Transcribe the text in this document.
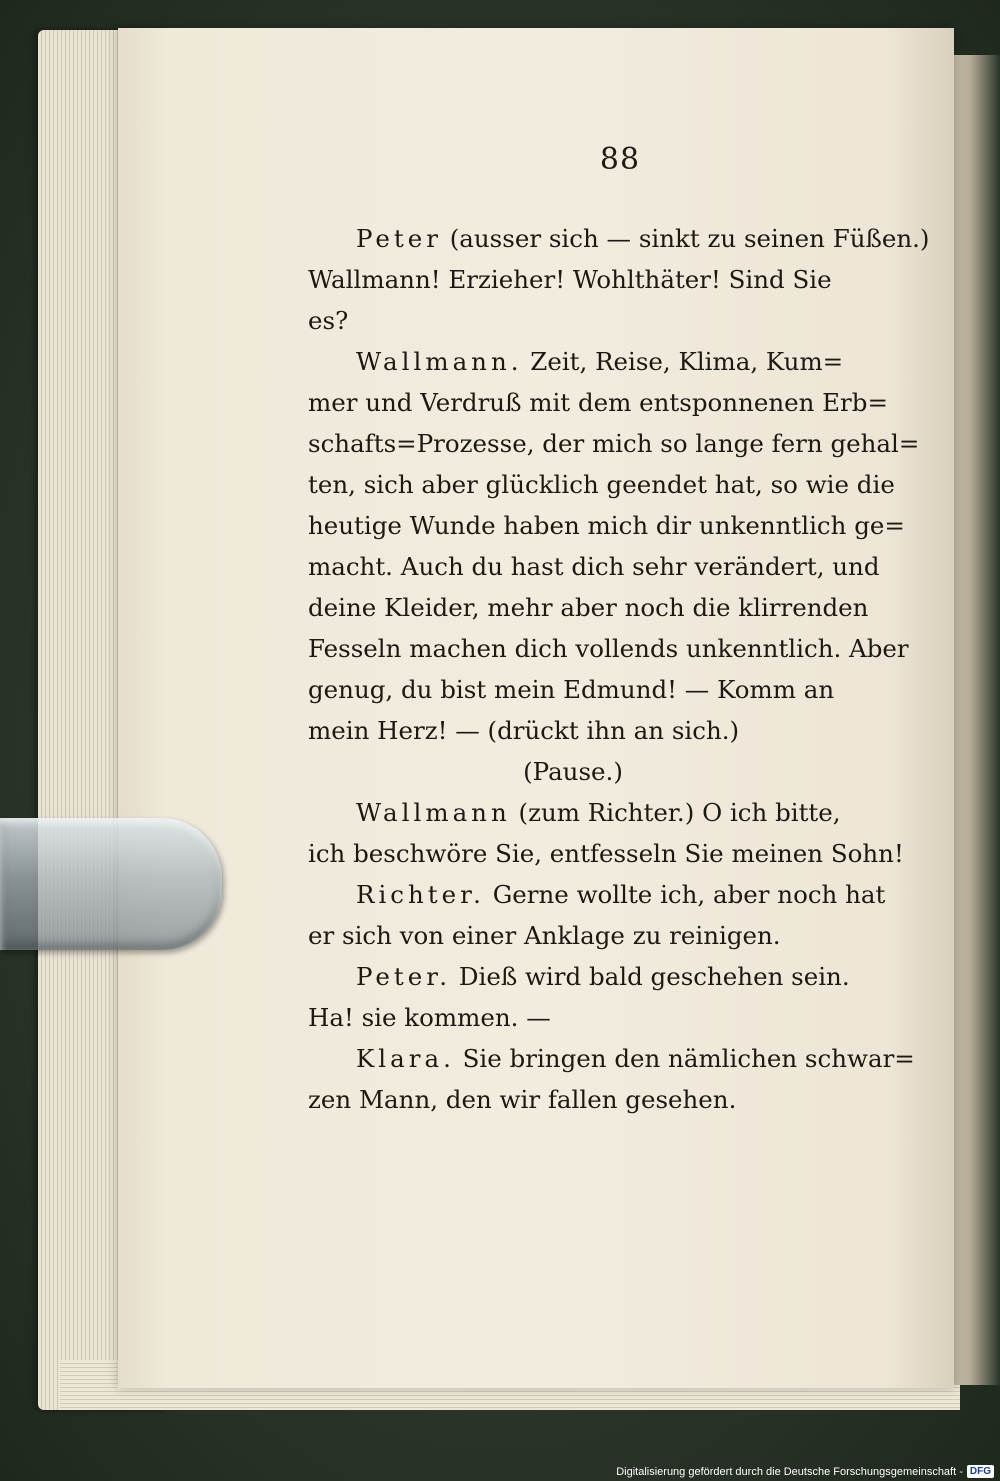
88
Peter (ausser sich — sinkt zu seinen Füßen.)
Wallmann! Erzieher! Wohlthäter! Sind Sie
es?
Wallmann. Zeit, Reise, Klima, Kum=
mer und Verdruß mit dem entsponnenen Erb=
schafts=Prozesse, der mich so lange fern gehal=
ten, sich aber glücklich geendet hat, so wie die
heutige Wunde haben mich dir unkenntlich ge=
macht. Auch du hast dich sehr verändert, und
deine Kleider, mehr aber noch die klirrenden
Fesseln machen dich vollends unkenntlich. Aber
genug, du bist mein Edmund! — Komm an
mein Herz! — (drückt ihn an sich.)
(Pause.)
Wallmann (zum Richter.) O ich bitte,
ich beschwöre Sie, entfesseln Sie meinen Sohn!
Richter. Gerne wollte ich, aber noch hat
er sich von einer Anklage zu reinigen.
Peter. Dieß wird bald geschehen sein.
Ha! sie kommen. —
Klara. Sie bringen den nämlichen schwar=
zen Mann, den wir fallen gesehen.
Digitalisierung gefördert durch die Deutsche Forschungsgemeinschaft - DFG
